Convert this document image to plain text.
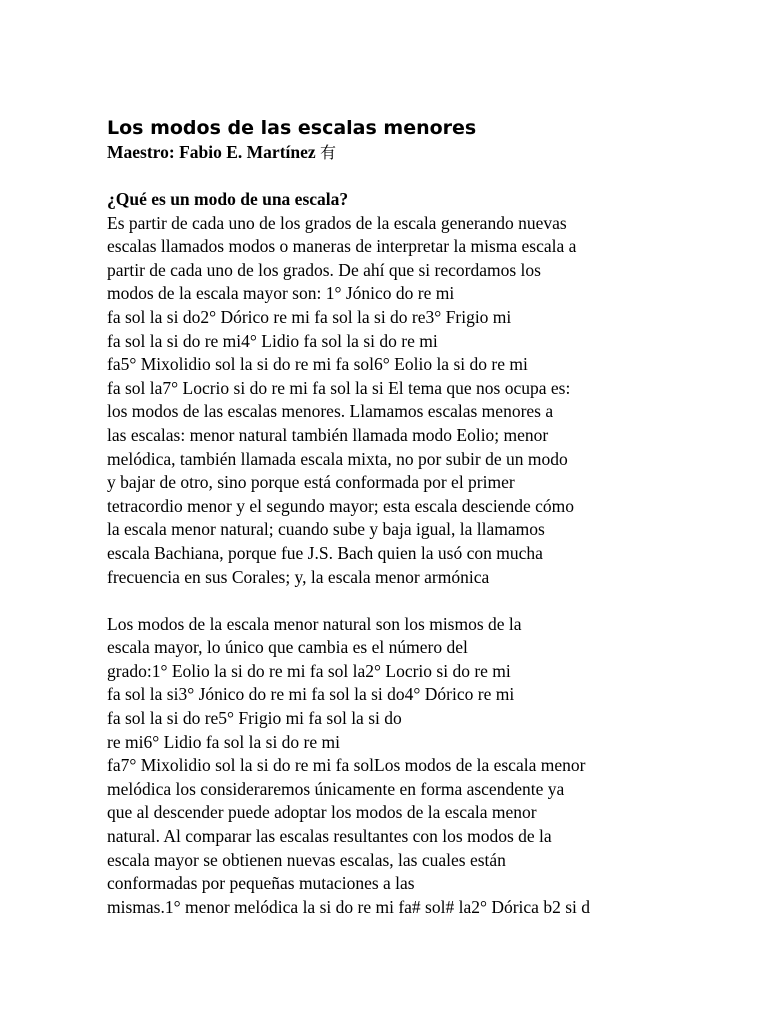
Los modos de las escalas menores
Maestro: Fabio E. Martínez 有
¿Qué es un modo de una escala?
Es partir de cada uno de los grados de la escala generando nuevas
escalas llamados modos o maneras de interpretar la misma escala a
partir de cada uno de los grados. De ahí que si recordamos los
modos de la escala mayor son: 1° Jónico do re mi
fa sol la si do2° Dórico re mi fa sol la si do re3° Frigio mi
fa sol la si do re mi4° Lidio fa sol la si do re mi
fa5° Mixolidio sol la si do re mi fa sol6° Eolio la si do re mi
fa sol la7° Locrio si do re mi fa sol la si El tema que nos ocupa es:
los modos de las escalas menores. Llamamos escalas menores a
las escalas: menor natural también llamada modo Eolio; menor
melódica, también llamada escala mixta, no por subir de un modo
y bajar de otro, sino porque está conformada por el primer
tetracordio menor y el segundo mayor; esta escala desciende cómo
la escala menor natural; cuando sube y baja igual, la llamamos
escala Bachiana, porque fue J.S. Bach quien la usó con mucha
frecuencia en sus Corales; y, la escala menor armónica
Los modos de la escala menor natural son los mismos de la
escala mayor, lo único que cambia es el número del
grado:1° Eolio la si do re mi fa sol la2° Locrio si do re mi
fa sol la si3° Jónico do re mi fa sol la si do4° Dórico re mi
fa sol la si do re5° Frigio mi fa sol la si do
re mi6° Lidio fa sol la si do re mi
fa7° Mixolidio sol la si do re mi fa solLos modos de la escala menor
melódica los consideraremos únicamente en forma ascendente ya
que al descender puede adoptar los modos de la escala menor
natural. Al comparar las escalas resultantes con los modos de la
escala mayor se obtienen nuevas escalas, las cuales están
conformadas por pequeñas mutaciones a las
mismas.1° menor melódica la si do re mi fa# sol# la2° Dórica b2 si d
